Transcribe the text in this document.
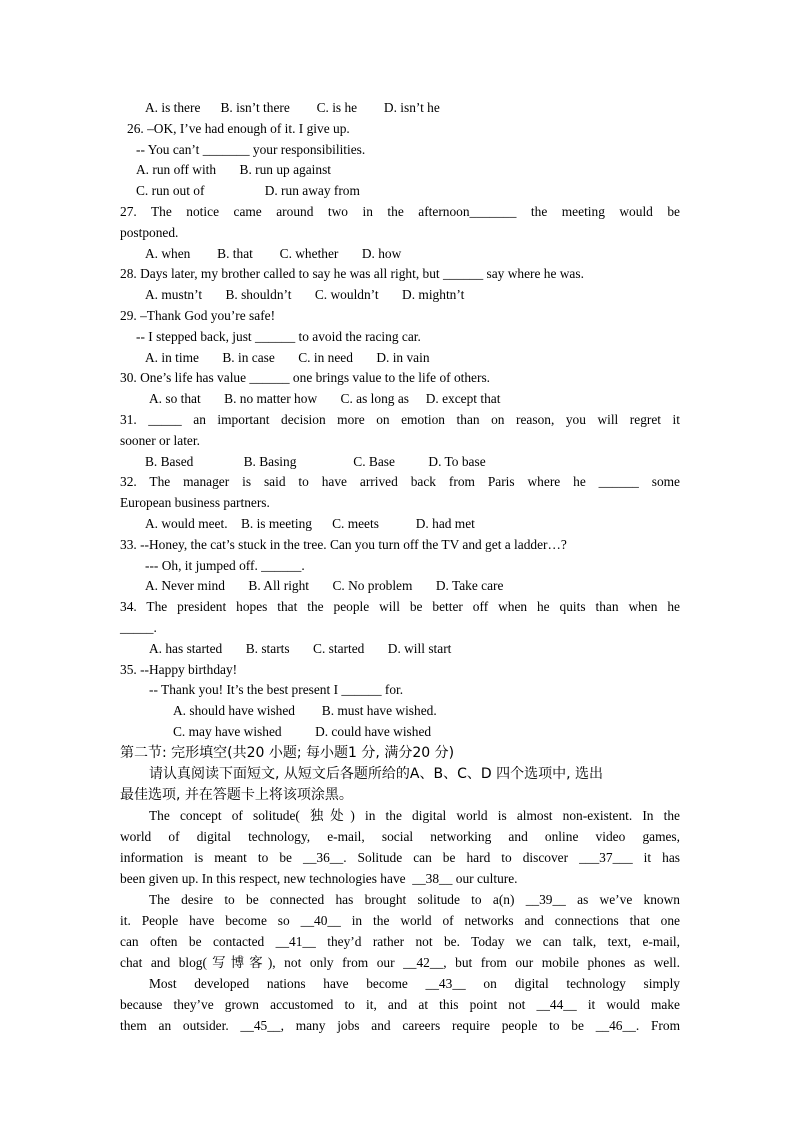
A. is there      B. isn’t there        C. is he        D. isn’t he
26. –OK, I’ve had enough of it. I give up.
-- You can’t _______ your responsibilities.
A. run off with       B. run up against
C. run out of                  D. run away from
27. The notice came around two in the afternoon_______ the meeting would be
postponed.
A. when        B. that        C. whether       D. how
28. Days later, my brother called to say he was all right, but ______ say where he was.
A. mustn’t       B. shouldn’t       C. wouldn’t       D. mightn’t
29. –Thank God you’re safe!
-- I stepped back, just ______ to avoid the racing car.
A. in time       B. in case       C. in need       D. in vain
30. One’s life has value ______ one brings value to the life of others.
A. so that       B. no matter how       C. as long as     D. except that
31. _____ an important decision more on emotion than on reason, you will regret it
sooner or later.
B. Based               B. Basing                 C. Base          D. To base
32. The manager is said to have arrived back from Paris where he ______ some
European business partners.
A. would meet.    B. is meeting      C. meets           D. had met
33. --Honey, the cat’s stuck in the tree. Can you turn off the TV and get a ladder…?
--- Oh, it jumped off. ______.
A. Never mind       B. All right       C. No problem       D. Take care
34. The president hopes that the people will be better off when he quits than when he
_____.
A. has started       B. starts       C. started       D. will start
35. --Happy birthday!
-- Thank you! It’s the best present I ______ for.
A. should have wished        B. must have wished.
C. may have wished          D. could have wished
第二节: 完形填空(共20 小题; 每小题1 分, 满分20 分)
请认真阅读下面短文, 从短文后各题所给的A、B、C、D 四个选项中, 选出
最佳选项, 并在答题卡上将该项涂黑。
The concept of solitude( 独处) in the digital world is almost non-existent. In the
world of digital technology, e-mail, social networking and online video games,
information is meant to be __36__. Solitude can be hard to discover ___37___ it has
been given up. In this respect, new technologies have  __38__ our culture.
The desire to be connected has brought solitude to a(n) __39__ as we’ve known
it. People have become so __40__ in the world of networks and connections that one
can often be contacted __41__ they’d rather not be. Today we can talk, text, e-mail,
chat and blog(写博客), not only from our __42__, but from our mobile phones as well.
Most developed nations have become __43__ on digital technology simply
because they’ve grown accustomed to it, and at this point not __44__ it would make
them an outsider. __45__, many jobs and careers require people to be __46__. From
